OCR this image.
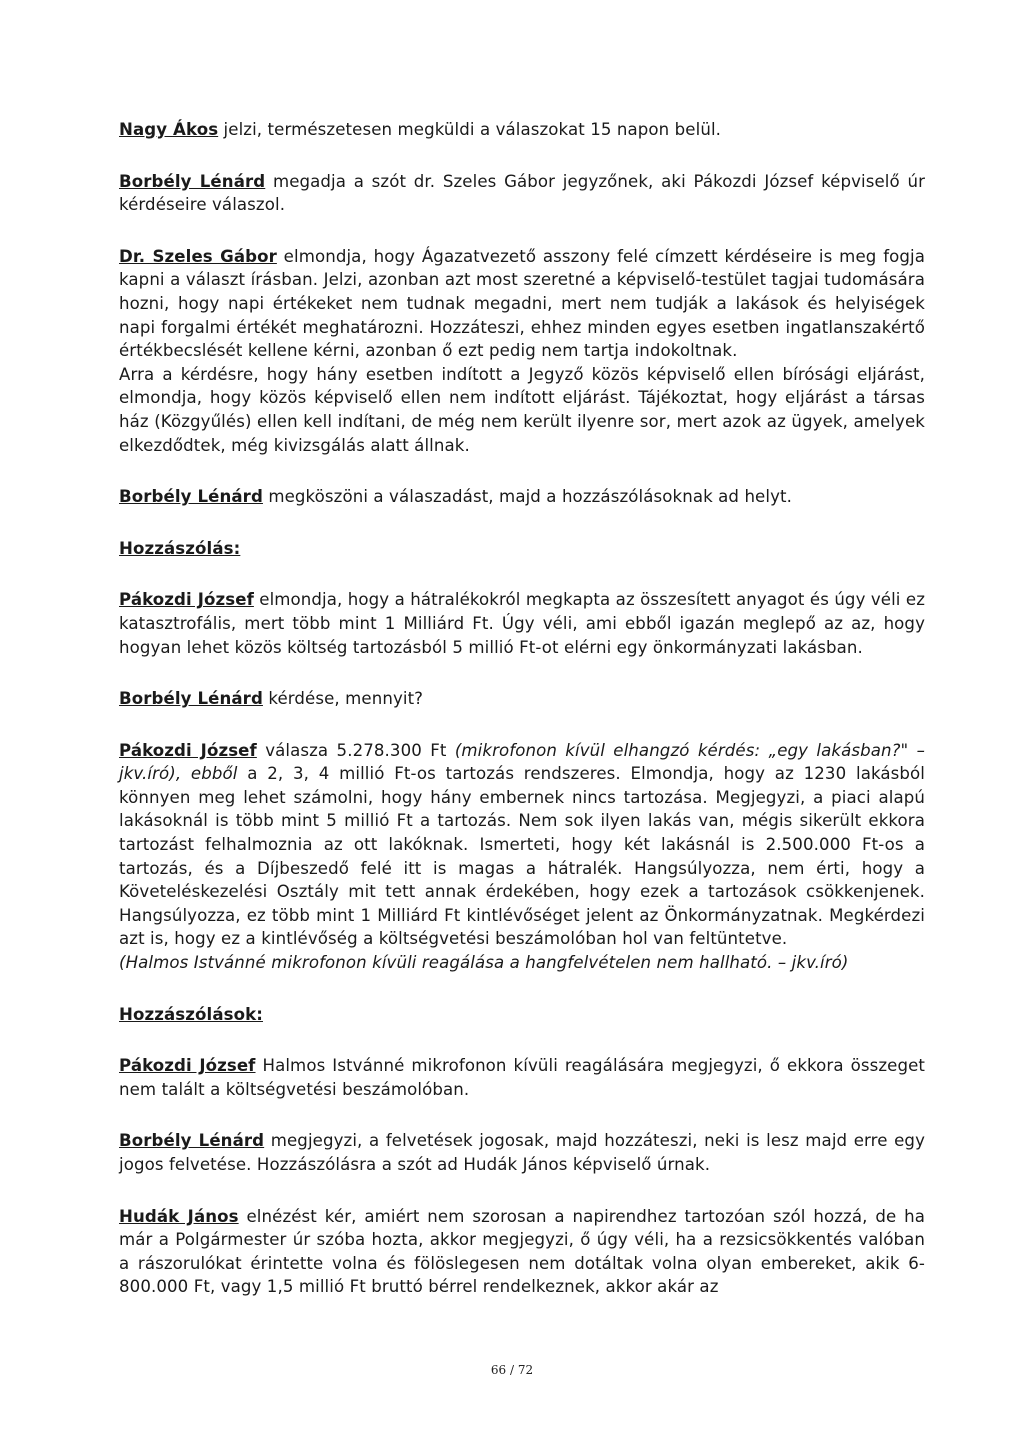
Nagy Ákos jelzi, természetesen megküldi a válaszokat 15 napon belül.

Borbély Lénárd megadja a szót dr. Szeles Gábor jegyzőnek, aki Pákozdi József képviselő úr kérdéseire válaszol.

Dr. Szeles Gábor elmondja, hogy Ágazatvezető asszony felé címzett kérdéseire is meg fogja kapni a választ írásban. Jelzi, azonban azt most szeretné a képviselő-testület tagjai tudomására hozni, hogy napi értékeket nem tudnak megadni, mert nem tudják a lakások és helyiségek napi forgalmi értékét meghatározni. Hozzáteszi, ehhez minden egyes esetben ingatlanszakértő értékbecslését kellene kérni, azonban ő ezt pedig nem tartja indokoltnak.

Arra a kérdésre, hogy hány esetben indított a Jegyző közös képviselő ellen bírósági eljárást, elmondja, hogy közös képviselő ellen nem indított eljárást. Tájékoztat, hogy eljárást a társas ház (Közgyűlés) ellen kell indítani, de még nem került ilyenre sor, mert azok az ügyek, amelyek elkezdődtek, még kivizsgálás alatt állnak.

Borbély Lénárd megköszöni a válaszadást, majd a hozzászólásoknak ad helyt.

Hozzászólás:

Pákozdi József elmondja, hogy a hátralékokról megkapta az összesített anyagot és úgy véli ez katasztrofális, mert több mint 1 Milliárd Ft. Úgy véli, ami ebből igazán meglepő az az, hogy hogyan lehet közös költség tartozásból 5 millió Ft-ot elérni egy önkormányzati lakásban.

Borbély Lénárd kérdése, mennyit?

Pákozdi József válasza 5.278.300 Ft (mikrofonon kívül elhangzó kérdés: „egy lakásban?" – jkv.író), ebből a 2, 3, 4 millió Ft-os tartozás rendszeres. Elmondja, hogy az 1230 lakásból könnyen meg lehet számolni, hogy hány embernek nincs tartozása. Megjegyzi, a piaci alapú lakásoknál is több mint 5 millió Ft a tartozás. Nem sok ilyen lakás van, mégis sikerült ekkora tartozást felhalmoznia az ott lakóknak. Ismerteti, hogy két lakásnál is 2.500.000 Ft-os a tartozás, és a Díjbeszedő felé itt is magas a hátralék. Hangsúlyozza, nem érti, hogy a Követeléskezelési Osztály mit tett annak érdekében, hogy ezek a tartozások csökkenjenek. Hangsúlyozza, ez több mint 1 Milliárd Ft kintlévőséget jelent az Önkormányzatnak. Megkérdezi azt is, hogy ez a kintlévőség a költségvetési beszámolóban hol van feltüntetve.

(Halmos Istvánné mikrofonon kívüli reagálása a hangfelvételen nem hallható. – jkv.író)

Hozzászólások:

Pákozdi József Halmos Istvánné mikrofonon kívüli reagálására megjegyzi, ő ekkora összeget nem talált a költségvetési beszámolóban.

Borbély Lénárd megjegyzi, a felvetések jogosak, majd hozzáteszi, neki is lesz majd erre egy jogos felvetése. Hozzászólásra a szót ad Hudák János képviselő úrnak.

Hudák János elnézést kér, amiért nem szorosan a napirendhez tartozóan szól hozzá, de ha már a Polgármester úr szóba hozta, akkor megjegyzi, ő úgy véli, ha a rezsicsökkentés valóban a rászorulókat érintette volna és fölöslegesen nem dotáltak volna olyan embereket, akik 6-800.000 Ft, vagy 1,5 millió Ft bruttó bérrel rendelkeznek, akkor akár az

66 / 72
